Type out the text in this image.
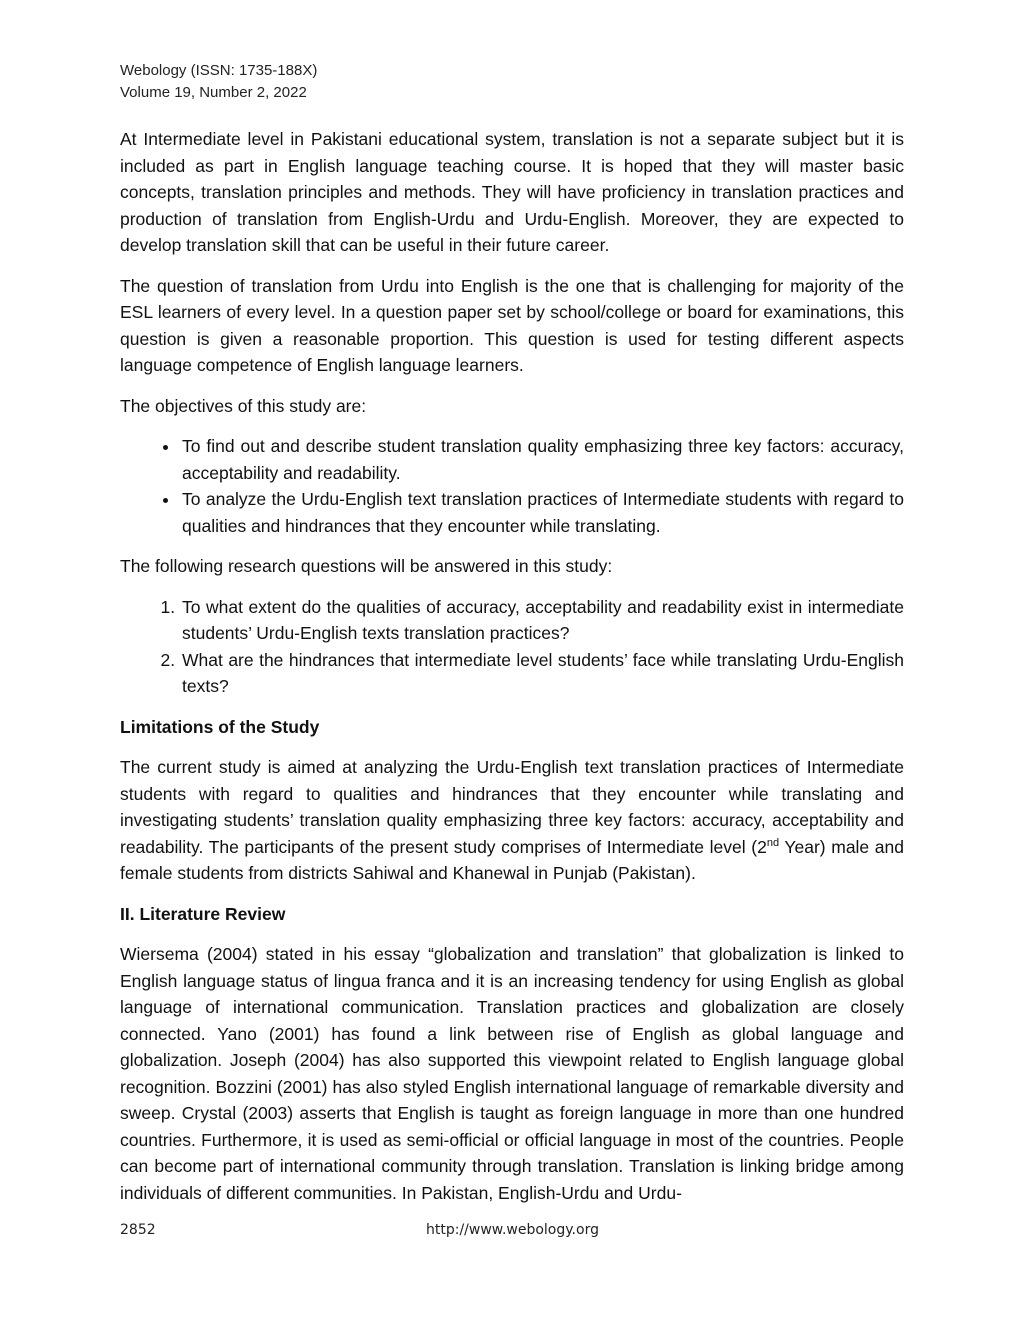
Webology (ISSN: 1735-188X)
Volume 19, Number 2, 2022

At Intermediate level in Pakistani educational system, translation is not a separate subject but it is included as part in English language teaching course. It is hoped that they will master basic concepts, translation principles and methods. They will have proficiency in translation practices and production of translation from English-Urdu and Urdu-English. Moreover, they are expected to develop translation skill that can be useful in their future career.

The question of translation from Urdu into English is the one that is challenging for majority of the ESL learners of every level. In a question paper set by school/college or board for examinations, this question is given a reasonable proportion. This question is used for testing different aspects language competence of English language learners.

The objectives of this study are:

• To find out and describe student translation quality emphasizing three key factors: accuracy, acceptability and readability.
• To analyze the Urdu-English text translation practices of Intermediate students with regard to qualities and hindrances that they encounter while translating.

The following research questions will be answered in this study:

1. To what extent do the qualities of accuracy, acceptability and readability exist in intermediate students’ Urdu-English texts translation practices?
2. What are the hindrances that intermediate level students’ face while translating Urdu-English texts?
Limitations of the Study

The current study is aimed at analyzing the Urdu-English text translation practices of Intermediate students with regard to qualities and hindrances that they encounter while translating and investigating students’ translation quality emphasizing three key factors: accuracy, acceptability and readability. The participants of the present study comprises of Intermediate level (2nd Year) male and female students from districts Sahiwal and Khanewal in Punjab (Pakistan).

II. Literature Review

Wiersema (2004) stated in his essay “globalization and translation” that globalization is linked to English language status of lingua franca and it is an increasing tendency for using English as global language of international communication. Translation practices and globalization are closely connected. Yano (2001) has found a link between rise of English as global language and globalization. Joseph (2004) has also supported this viewpoint related to English language global recognition. Bozzini (2001) has also styled English international language of remarkable diversity and sweep. Crystal (2003) asserts that English is taught as foreign language in more than one hundred countries. Furthermore, it is used as semi-official or official language in most of the countries. People can become part of international community through translation. Translation is linking bridge among individuals of different communities. In Pakistan, English-Urdu and Urdu-

2852	http://www.webology.org
